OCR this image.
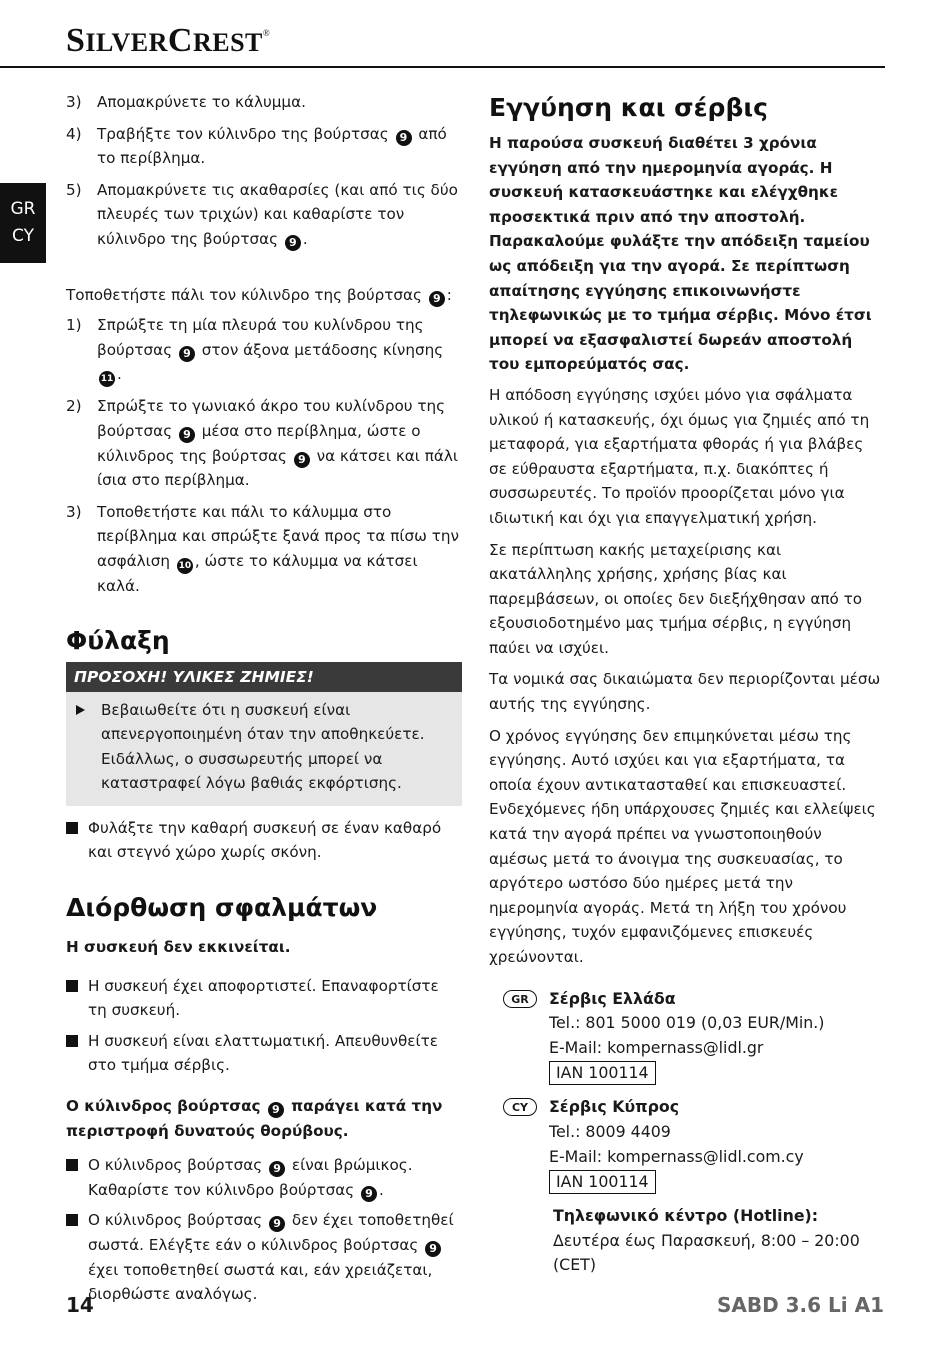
SILVERCREST®
GR
CY
3)	Απομακρύνετε το κάλυμμα.
4)	Τραβήξτε τον κύλινδρο της βούρτσας 9 από το περίβλημα.
5)	Απομακρύνετε τις ακαθαρσίες (και από τις δύο πλευρές των τριχών) και καθαρίστε τον κύλινδρο της βούρτσας 9 .

Τοποθετήστε πάλι τον κύλινδρο της βούρτσας 9 :

1)	Σπρώξτε τη μία πλευρά του κυλίνδρου της βούρτσας 9 στον άξονα μετάδοσης κίνησης 11 .
2)	Σπρώξτε το γωνιακό άκρο του κυλίνδρου της βούρτσας 9 μέσα στο περίβλημα, ώστε ο κύλινδρος της βούρτσας 9 να κάτσει και πάλι ίσια στο περίβλημα.
3)	Τοποθετήστε και πάλι το κάλυμμα στο περίβλημα και σπρώξτε ξανά προς τα πίσω την ασφάλιση 10 , ώστε το κάλυμμα να κάτσει καλά.
Φύλαξη
ΠΡΟΣΟΧΗ! ΥΛΙΚΕΣ ΖΗΜΙΕΣ!
Βεβαιωθείτε ότι η συσκευή είναι απενεργοποιημένη όταν την αποθηκεύετε. Ειδάλλως, ο συσσωρευτής μπορεί να καταστραφεί λόγω βαθιάς εκφόρτισης.
Φυλάξτε την καθαρή συσκευή σε έναν καθαρό και στεγνό χώρο χωρίς σκόνη.
Διόρθωση σφαλμάτων

Η συσκευή δεν εκκινείται.

Η συσκευή έχει αποφορτιστεί. Επαναφορτίστε τη συσκευή.
Η συσκευή είναι ελαττωματική. Απευθυνθείτε στο τμήμα σέρβις.

Ο κύλινδρος βούρτσας 9 παράγει κατά την περιστροφή δυνατούς θορύβους.

Ο κύλινδρος βούρτσας 9 είναι βρώμικος. Καθαρίστε τον κύλινδρο βούρτσας 9 .
Ο κύλινδρος βούρτσας 9 δεν έχει τοποθετηθεί σωστά. Ελέγξτε εάν ο κύλινδρος βούρτσας 9 έχει τοποθετηθεί σωστά και, εάν χρειάζεται, διορθώστε αναλόγως.
Εγγύηση και σέρβις

Η παρούσα συσκευή διαθέτει 3 χρόνια εγγύηση από την ημερομηνία αγοράς. Η συσκευή κατασκευάστηκε και ελέγχθηκε προσεκτικά πριν από την αποστολή. Παρακαλούμε φυλάξτε την απόδειξη ταμείου ως απόδειξη για την αγορά. Σε περίπτωση απαίτησης εγγύησης επικοινωνήστε τηλεφωνικώς με το τμήμα σέρβις. Μόνο έτσι μπορεί να εξασφαλιστεί δωρεάν αποστολή του εμπορεύματός σας.

Η απόδοση εγγύησης ισχύει μόνο για σφάλματα υλικού ή κατασκευής, όχι όμως για ζημιές από τη μεταφορά, για εξαρτήματα φθοράς ή για βλάβες σε εύθραυστα εξαρτήματα, π.χ. διακόπτες ή συσσωρευτές. Το προϊόν προορίζεται μόνο για ιδιωτική και όχι για επαγγελματική χρήση.

Σε περίπτωση κακής μεταχείρισης και ακατάλληλης χρήσης, χρήσης βίας και παρεμβάσεων, οι οποίες δεν διεξήχθησαν από το εξουσιοδοτημένο μας τμήμα σέρβις, η εγγύηση παύει να ισχύει.

Τα νομικά σας δικαιώματα δεν περιορίζονται μέσω αυτής της εγγύησης.

Ο χρόνος εγγύησης δεν επιμηκύνεται μέσω της εγγύησης. Αυτό ισχύει και για εξαρτήματα, τα οποία έχουν αντικατασταθεί και επισκευαστεί. Ενδεχόμενες ήδη υπάρχουσες ζημιές και ελλείψεις κατά την αγορά πρέπει να γνωστοποιηθούν αμέσως μετά το άνοιγμα της συσκευασίας, το αργότερο ωστόσο δύο ημέρες μετά την ημερομηνία αγοράς. Μετά τη λήξη του χρόνου εγγύησης, τυχόν εμφανιζόμενες επισκευές χρεώνονται.

GR	Σέρβις Ελλάδα

Tel.: 801 5000 019 (0,03 EUR/Min.)

E-Mail: kompernass@lidl.gr

IAN 100114
CY	Σέρβις Κύπρος

Tel.: 8009 4409

E-Mail: kompernass@lidl.com.cy

IAN 100114

Τηλεφωνικό κέντρο (Hotline): Δευτέρα έως Παρασκευή, 8:00 – 20:00 (CET)

14	SABD 3.6 Li A1
